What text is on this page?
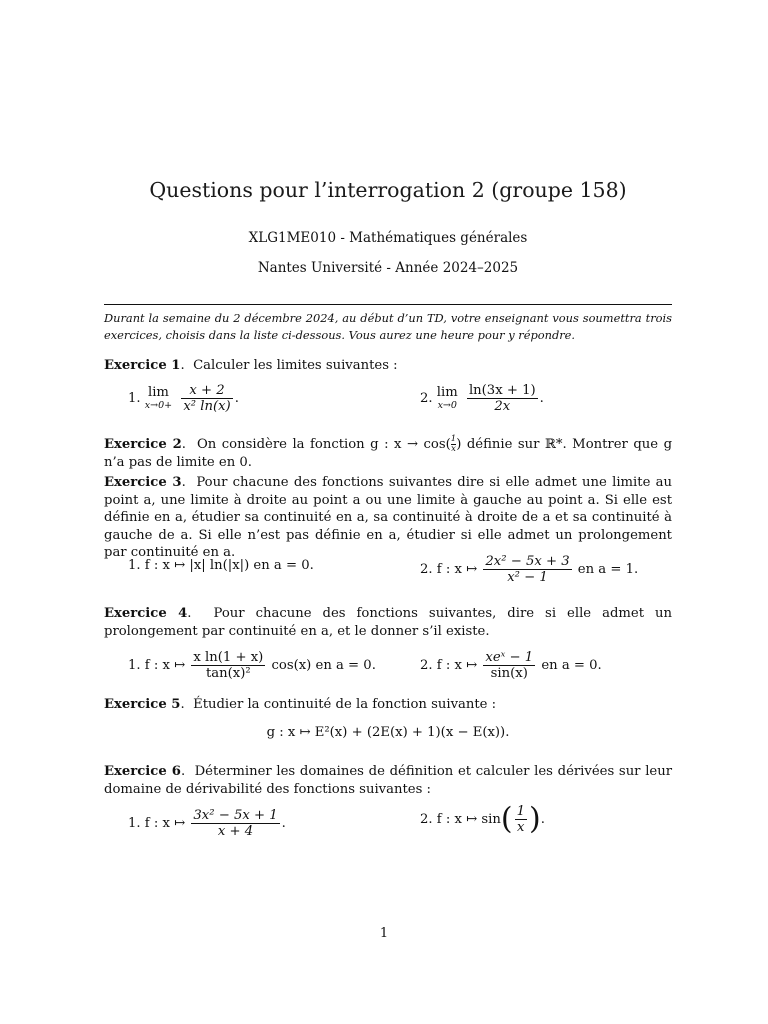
Questions pour l’interrogation 2 (groupe 158)
XLG1ME010 - Mathématiques générales
Nantes Université - Année 2024–2025
Durant la semaine du 2 décembre 2024, au début d’un TD, votre enseignant vous soumettra trois exercices, choisis dans la liste ci-dessous. Vous aurez une heure pour y répondre.
Exercice 1.  Calculer les limites suivantes :
1. lim
x→0+
$\frac{x + 2}{\text{x² ln(x)}}$ .	2. lim
x→0
$\frac{\ln(3x + 1)}{2x}$ .
Exercice 2.  On considère la fonction g : $x \to \cos( \frac{1}{x}$ ) définie sur ℝ*. Montrer que g n’a pas de limite en 0.
Exercice 3.  Pour chacune des fonctions suivantes dire si elle admet une limite au point a, une limite à droite au point a ou une limite à gauche au point a. Si elle est définie en a, étudier sa continuité en a, sa continuité à droite de a et sa continuité à gauche de a. Si elle n’est pas définie en a, étudier si elle admet un prolongement par continuité en a.
1. f : x ↦ |x| ln(|x|) en a = 0.	2. f : x ↦ $\frac{\text{2x² − 5x + 3}}{\text{x² − 1}}$ en a = 1.
Exercice 4.  Pour chacune des fonctions suivantes, dire si elle admet un prolongement par continuité en a, et le donner s’il existe.
1. f : x ↦ $\frac{\text{x ln(1 + x)}}{\text{tan(x)²}} \cos(x)$ en a = 0.	2. f : x ↦ $\frac{\text{xeˣ − 1}}{\sin(x)}$ en a = 0.
Exercice 5.  Étudier la continuité de la fonction suivante :
g : x ↦ E²(x) + (2E(x) + 1)(x − E(x)).
Exercice 6.  Déterminer les domaines de définition et calculer les dérivées sur leur domaine de dérivabilité des fonctions suivantes :
1. f : x ↦ $\frac{\text{3x² − 5x + 1}}{x + 4}$ .	2. f : x ↦ $\sin( \frac{1}{x}$ ).
1
